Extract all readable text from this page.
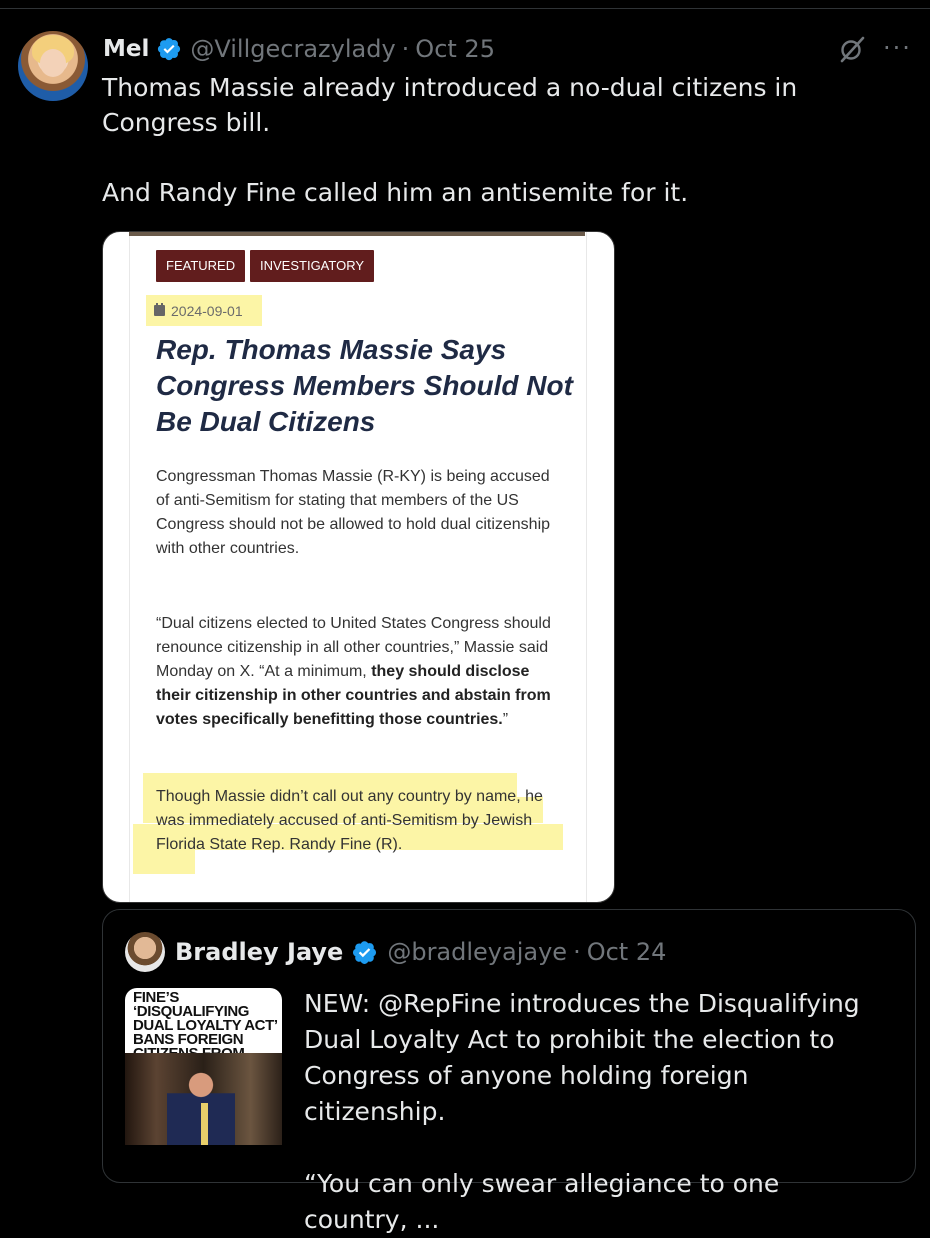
Mel @Villgecrazylady · Oct 25	···
Thomas Massie already introduced a no-dual citizens in Congress bill.

And Randy Fine called him an antisemite for it.
FEATURED	INVESTIGATORY
2024-09-01
Rep. Thomas Massie Says Congress Members Should Not Be Dual Citizens
Congressman Thomas Massie (R-KY) is being accused of anti-Semitism for stating that members of the US Congress should not be allowed to hold dual citizenship with other countries.
“Dual citizens elected to United States Congress should renounce citizenship in all other countries,” Massie said Monday on X. “At a minimum, they should disclose their citizenship in other countries and abstain from votes specifically benefitting those countries.”
Though Massie didn’t call out any country by name, he was immediately accused of anti-Semitism by Jewish Florida State Rep. Randy Fine (R).
Bradley Jaye @bradleyajaye · Oct 24
FINE’S ‘DISQUALIFYING DUAL LOYALTY ACT’ BANS FOREIGN
NEW: @RepFine introduces the Disqualifying Dual Loyalty Act to prohibit the election to Congress of anyone holding foreign citizenship.

“You can only swear allegiance to one country, ...
